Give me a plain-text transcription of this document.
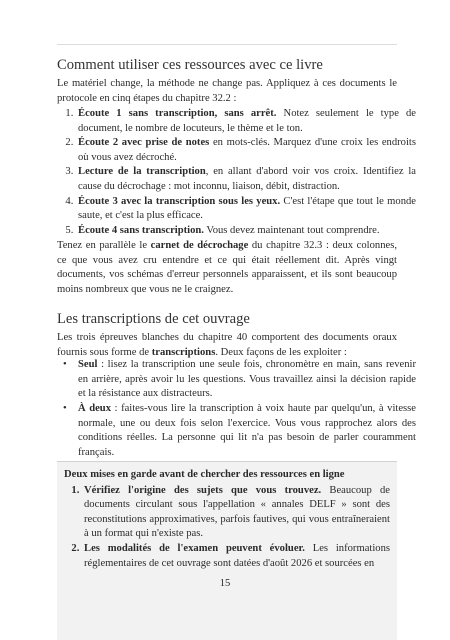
Comment utiliser ces ressources avec ce livre

Le matériel change, la méthode ne change pas. Appliquez à ces documents le protocole en cinq étapes du chapitre 32.2 :

1. Écoute 1 sans transcription, sans arrêt. Notez seulement le type de document, le nombre de locuteurs, le thème et le ton.
2. Écoute 2 avec prise de notes en mots-clés. Marquez d'une croix les endroits où vous avez décroché.
3. Lecture de la transcription, en allant d'abord voir vos croix. Identifiez la cause du décrochage : mot inconnu, liaison, débit, distraction.
4. Écoute 3 avec la transcription sous les yeux. C'est l'étape que tout le monde saute, et c'est la plus efficace.
5. Écoute 4 sans transcription. Vous devez maintenant tout comprendre.

Tenez en parallèle le carnet de décrochage du chapitre 32.3 : deux colonnes, ce que vous avez cru entendre et ce qui était réellement dit. Après vingt documents, vos schémas d'erreur personnels apparaissent, et ils sont beaucoup moins nombreux que vous ne le craignez.

Les transcriptions de cet ouvrage

Les trois épreuves blanches du chapitre 40 comportent des documents oraux fournis sous forme de transcriptions. Deux façons de les exploiter :

• Seul : lisez la transcription une seule fois, chronomètre en main, sans revenir en arrière, après avoir lu les questions. Vous travaillez ainsi la décision rapide et la résistance aux distracteurs.
• À deux : faites-vous lire la transcription à voix haute par quelqu'un, à vitesse normale, une ou deux fois selon l'exercice. Vous vous rapprochez alors des conditions réelles. La personne qui lit n'a pas besoin de parler couramment français.
Deux mises en garde avant de chercher des ressources en ligne
1. Vérifiez l'origine des sujets que vous trouvez. Beaucoup de documents circulant sous l'appellation « annales DELF » sont des reconstitutions approximatives, parfois fautives, qui vous entraîneraient à un format qui n'existe pas.
2. Les modalités de l'examen peuvent évoluer. Les informations réglementaires de cet ouvrage sont datées d'août 2026 et sourcées en
15
